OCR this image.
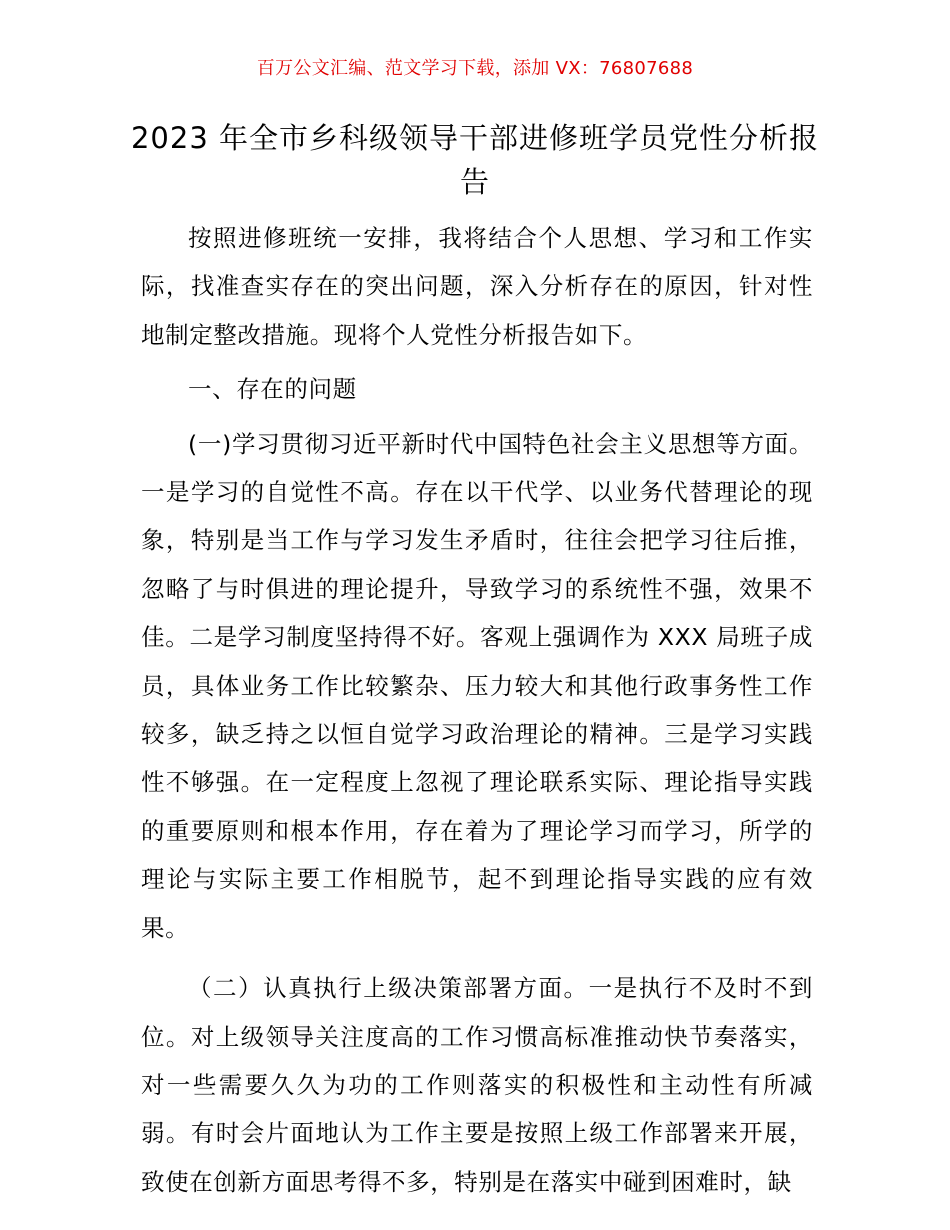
百万公文汇编、范文学习下载，添加 VX：76807688
2023 年全市乡科级领导干部进修班学员党性分析报告

按照进修班统一安排，我将结合个人思想、学习和工作实际，找准查实存在的突出问题，深入分析存在的原因，针对性地制定整改措施。现将个人党性分析报告如下。

一、存在的问题

(一)学习贯彻习近平新时代中国特色社会主义思想等方面。一是学习的自觉性不高。存在以干代学、以业务代替理论的现象，特别是当工作与学习发生矛盾时，往往会把学习往后推，忽略了与时俱进的理论提升，导致学习的系统性不强，效果不佳。二是学习制度坚持得不好。客观上强调作为 XXX 局班子成员，具体业务工作比较繁杂、压力较大和其他行政事务性工作较多，缺乏持之以恒自觉学习政治理论的精神。三是学习实践性不够强。在一定程度上忽视了理论联系实际、理论指导实践的重要原则和根本作用，存在着为了理论学习而学习，所学的理论与实际主要工作相脱节，起不到理论指导实践的应有效果。

（二）认真执行上级决策部署方面。一是执行不及时不到位。对上级领导关注度高的工作习惯高标准推动快节奏落实，对一些需要久久为功的工作则落实的积极性和主动性有所减弱。有时会片面地认为工作主要是按照上级工作部署来开展，致使在创新方面思考得不多，特别是在落实中碰到困难时，缺
